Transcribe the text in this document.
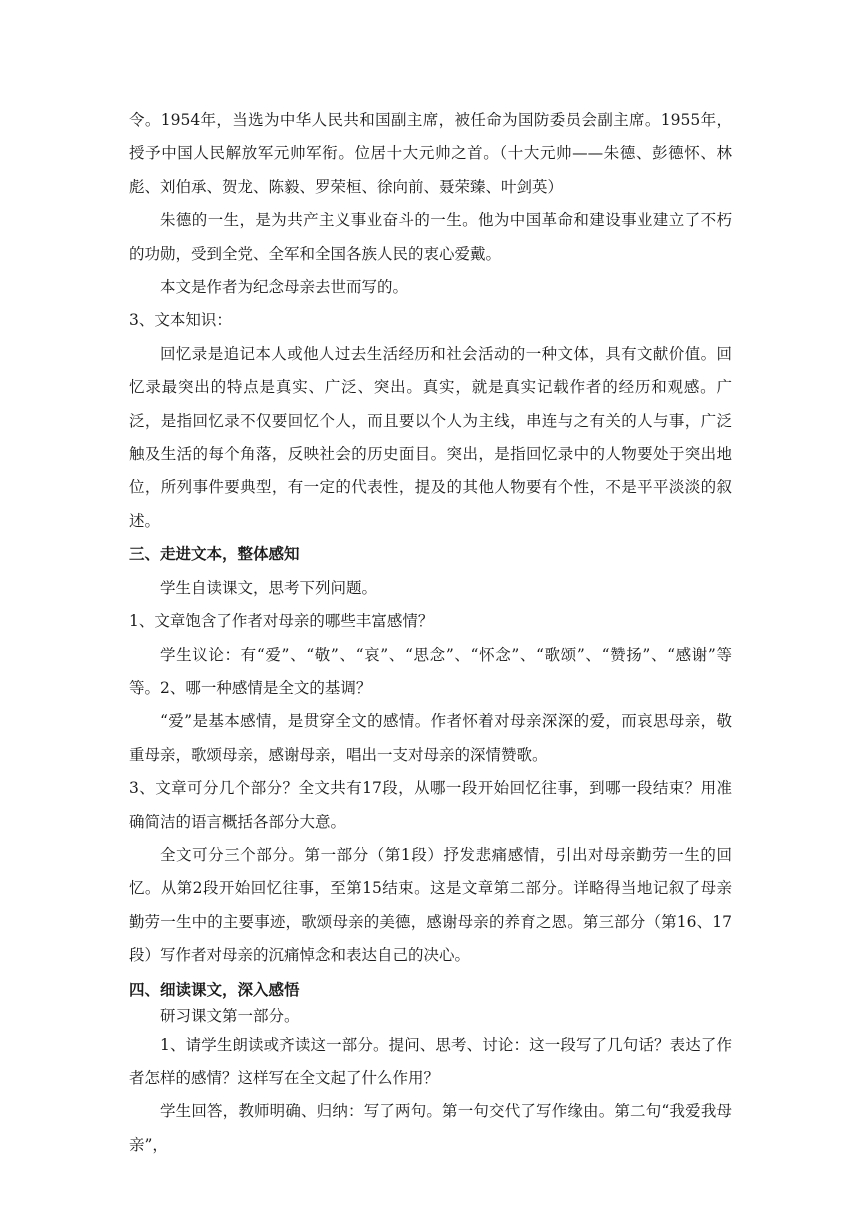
令。1954年，当选为中华人民共和国副主席，被任命为国防委员会副主席。1955年，授予中国人民解放军元帅军衔。位居十大元帅之首。（十大元帅——朱德、彭德怀、林彪、刘伯承、贺龙、陈毅、罗荣桓、徐向前、聂荣臻、叶剑英）

朱德的一生，是为共产主义事业奋斗的一生。他为中国革命和建设事业建立了不朽的功勋，受到全党、全军和全国各族人民的衷心爱戴。

本文是作者为纪念母亲去世而写的。

3、文本知识：

回忆录是追记本人或他人过去生活经历和社会活动的一种文体，具有文献价值。回忆录最突出的特点是真实、广泛、突出。真实，就是真实记载作者的经历和观感。广泛，是指回忆录不仅要回忆个人，而且要以个人为主线，串连与之有关的人与事，广泛触及生活的每个角落，反映社会的历史面目。突出，是指回忆录中的人物要处于突出地位，所列事件要典型，有一定的代表性，提及的其他人物要有个性，不是平平淡淡的叙述。

三、走进文本，整体感知

学生自读课文，思考下列问题。

1、文章饱含了作者对母亲的哪些丰富感情？

学生议论：有“爱”、“敬”、“哀”、“思念”、“怀念”、“歌颂”、“赞扬”、“感谢”等等。2、哪一种感情是全文的基调？

“爱”是基本感情，是贯穿全文的感情。作者怀着对母亲深深的爱，而哀思母亲，敬重母亲，歌颂母亲，感谢母亲，唱出一支对母亲的深情赞歌。

3、文章可分几个部分？全文共有17段，从哪一段开始回忆往事，到哪一段结束？用准确简洁的语言概括各部分大意。

全文可分三个部分。第一部分（第1段）抒发悲痛感情，引出对母亲勤劳一生的回忆。从第2段开始回忆往事，至第15结束。这是文章第二部分。详略得当地记叙了母亲勤劳一生中的主要事迹，歌颂母亲的美德，感谢母亲的养育之恩。第三部分（第16、17段）写作者对母亲的沉痛悼念和表达自己的决心。

四、细读课文，深入感悟

研习课文第一部分。

1、请学生朗读或齐读这一部分。提问、思考、讨论：这一段写了几句话？表达了作者怎样的感情？这样写在全文起了什么作用？

学生回答，教师明确、归纳：写了两句。第一句交代了写作缘由。第二句“我爱我母亲”，
